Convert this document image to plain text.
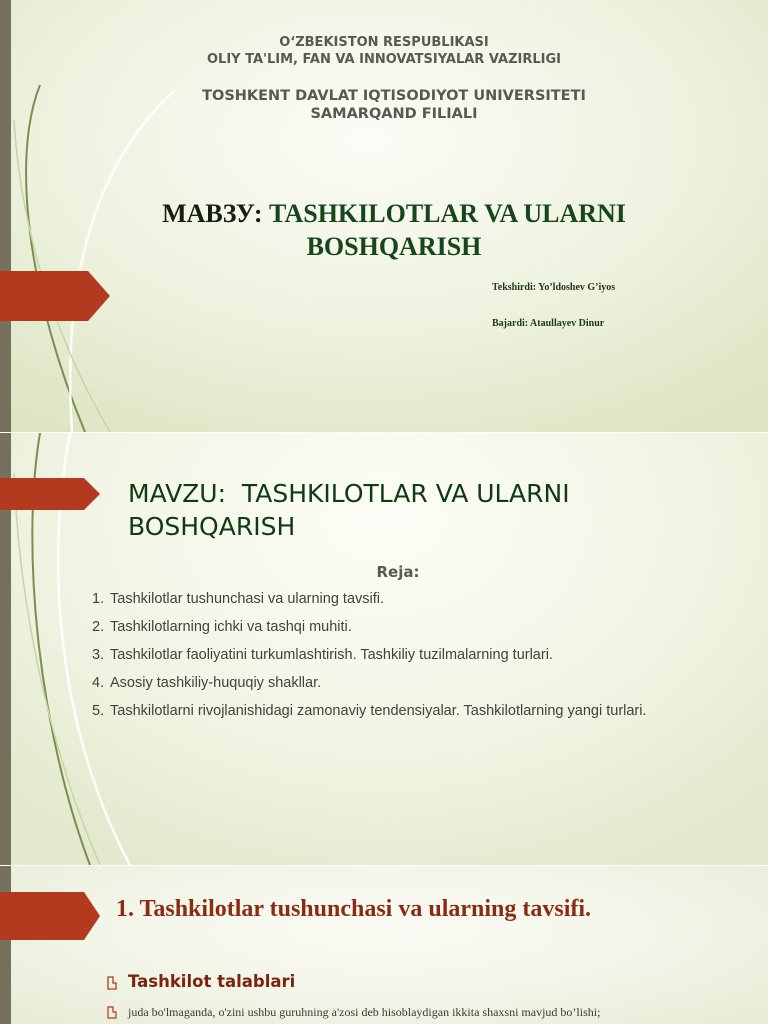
O‘ZBEKISTON RESPUBLIKASI
OLIY TA'LIM, FAN VA INNOVATSIYALAR VAZIRLIGI
TOSHKENT DAVLAT IQTISODIYOT UNIVERSITETI
SAMARQAND FILIALI
МАВЗУ: TASHKILOTLAR VA ULARNI BOSHQARISH
Tekshirdi: Yo’ldoshev G’iyos
Bajardi: Ataullayev Dinur
MAVZU:  TASHKILOTLAR VA ULARNI
BOSHQARISH
Reja:
1. Tashkilotlar tushunchasi va ularning tavsifi.
2. Tashkilotlarning ichki va tashqi muhiti.
3. Tashkilotlar faoliyatini turkumlashtirish. Tashkiliy tuzilmalarning turlari.
4. Asosiy tashkiliy-huquqiy shakllar.
5. Tashkilotlarni rivojlanishidagi zamonaviy tendensiyalar. Tashkilotlarning yangi turlari.
1. Tashkilotlar tushunchasi va ularning tavsifi.
Tashkilot talablari
juda bo'lmaganda, o'zini ushbu guruhning a'zosi deb hisoblaydigan ikkita shaxsni mavjud bo’lishi;
